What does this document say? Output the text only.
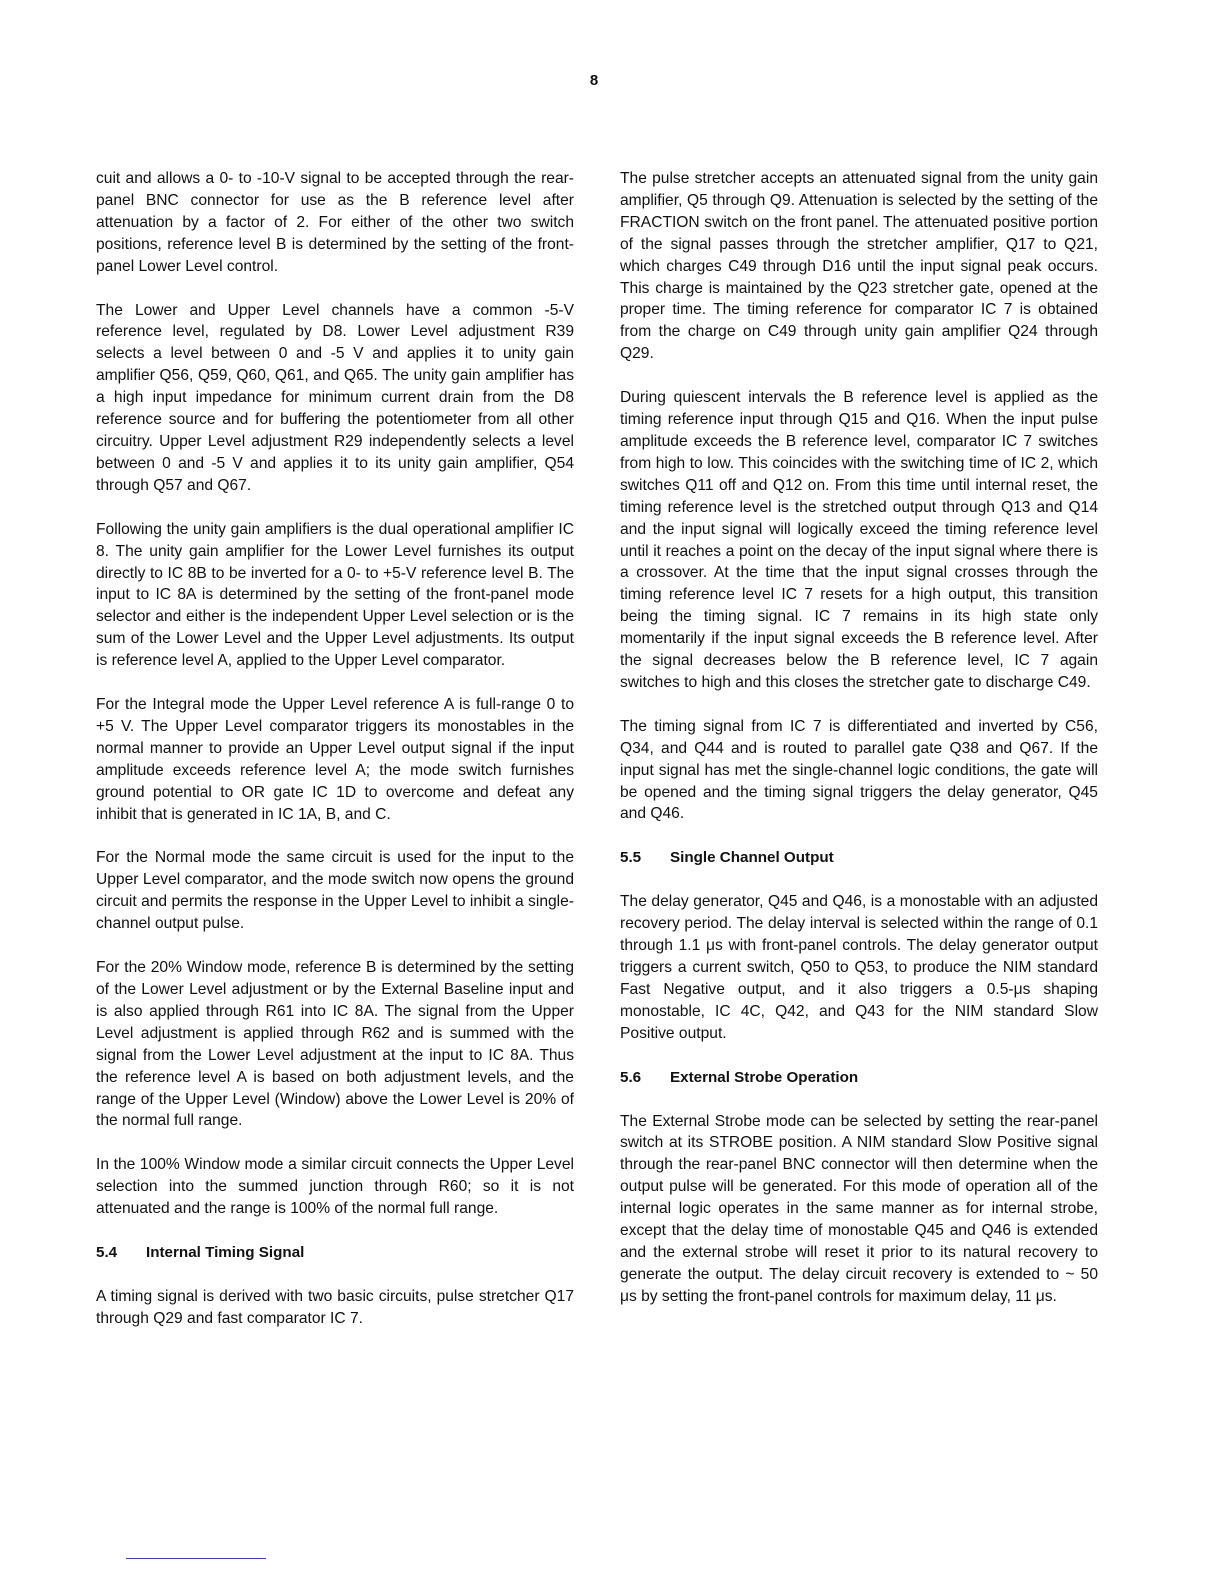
8

cuit and allows a 0- to -10-V signal to be accepted through the rear-panel BNC connector for use as the B reference level after attenuation by a factor of 2. For either of the other two switch positions, reference level B is determined by the setting of the front-panel Lower Level control.

The Lower and Upper Level channels have a common -5-V reference level, regulated by D8. Lower Level adjustment R39 selects a level between 0 and -5 V and applies it to unity gain amplifier Q56, Q59, Q60, Q61, and Q65. The unity gain amplifier has a high input impedance for minimum current drain from the D8 reference source and for buffering the potentiometer from all other circuitry. Upper Level adjustment R29 independently selects a level between 0 and -5 V and applies it to its unity gain amplifier, Q54 through Q57 and Q67.

Following the unity gain amplifiers is the dual operational amplifier IC 8. The unity gain amplifier for the Lower Level furnishes its output directly to IC 8B to be inverted for a 0- to +5-V reference level B. The input to IC 8A is determined by the setting of the front-panel mode selector and either is the independent Upper Level selection or is the sum of the Lower Level and the Upper Level adjustments. Its output is reference level A, applied to the Upper Level comparator.

For the Integral mode the Upper Level reference A is full-range 0 to +5 V. The Upper Level comparator triggers its monostables in the normal manner to provide an Upper Level output signal if the input amplitude exceeds reference level A; the mode switch furnishes ground potential to OR gate IC 1D to overcome and defeat any inhibit that is generated in IC 1A, B, and C.

For the Normal mode the same circuit is used for the input to the Upper Level comparator, and the mode switch now opens the ground circuit and permits the response in the Upper Level to inhibit a single-channel output pulse.

For the 20% Window mode, reference B is determined by the setting of the Lower Level adjustment or by the External Baseline input and is also applied through R61 into IC 8A. The signal from the Upper Level adjustment is applied through R62 and is summed with the signal from the Lower Level adjustment at the input to IC 8A. Thus the reference level A is based on both adjustment levels, and the range of the Upper Level (Window) above the Lower Level is 20% of the normal full range.

In the 100% Window mode a similar circuit connects the Upper Level selection into the summed junction through R60; so it is not attenuated and the range is 100% of the normal full range.

5.4 Internal Timing Signal

A timing signal is derived with two basic circuits, pulse stretcher Q17 through Q29 and fast comparator IC 7.

The pulse stretcher accepts an attenuated signal from the unity gain amplifier, Q5 through Q9. Attenuation is selected by the setting of the FRACTION switch on the front panel. The attenuated positive portion of the signal passes through the stretcher amplifier, Q17 to Q21, which charges C49 through D16 until the input signal peak occurs. This charge is maintained by the Q23 stretcher gate, opened at the proper time. The timing reference for comparator IC 7 is obtained from the charge on C49 through unity gain amplifier Q24 through Q29.

During quiescent intervals the B reference level is applied as the timing reference input through Q15 and Q16. When the input pulse amplitude exceeds the B reference level, comparator IC 7 switches from high to low. This coincides with the switching time of IC 2, which switches Q11 off and Q12 on. From this time until internal reset, the timing reference level is the stretched output through Q13 and Q14 and the input signal will logically exceed the timing reference level until it reaches a point on the decay of the input signal where there is a crossover. At the time that the input signal crosses through the timing reference level IC 7 resets for a high output, this transition being the timing signal. IC 7 remains in its high state only momentarily if the input signal exceeds the B reference level. After the signal decreases below the B reference level, IC 7 again switches to high and this closes the stretcher gate to discharge C49.

The timing signal from IC 7 is differentiated and inverted by C56, Q34, and Q44 and is routed to parallel gate Q38 and Q67. If the input signal has met the single-channel logic conditions, the gate will be opened and the timing signal triggers the delay generator, Q45 and Q46.

5.5 Single Channel Output

The delay generator, Q45 and Q46, is a monostable with an adjusted recovery period. The delay interval is selected within the range of 0.1 through 1.1 μs with front-panel controls. The delay generator output triggers a current switch, Q50 to Q53, to produce the NIM standard Fast Negative output, and it also triggers a 0.5-μs shaping monostable, IC 4C, Q42, and Q43 for the NIM standard Slow Positive output.

5.6 External Strobe Operation

The External Strobe mode can be selected by setting the rear-panel switch at its STROBE position. A NIM standard Slow Positive signal through the rear-panel BNC connector will then determine when the output pulse will be generated. For this mode of operation all of the internal logic operates in the same manner as for internal strobe, except that the delay time of monostable Q45 and Q46 is extended and the external strobe will reset it prior to its natural recovery to generate the output. The delay circuit recovery is extended to ~ 50 μs by setting the front-panel controls for maximum delay, 11 μs.
